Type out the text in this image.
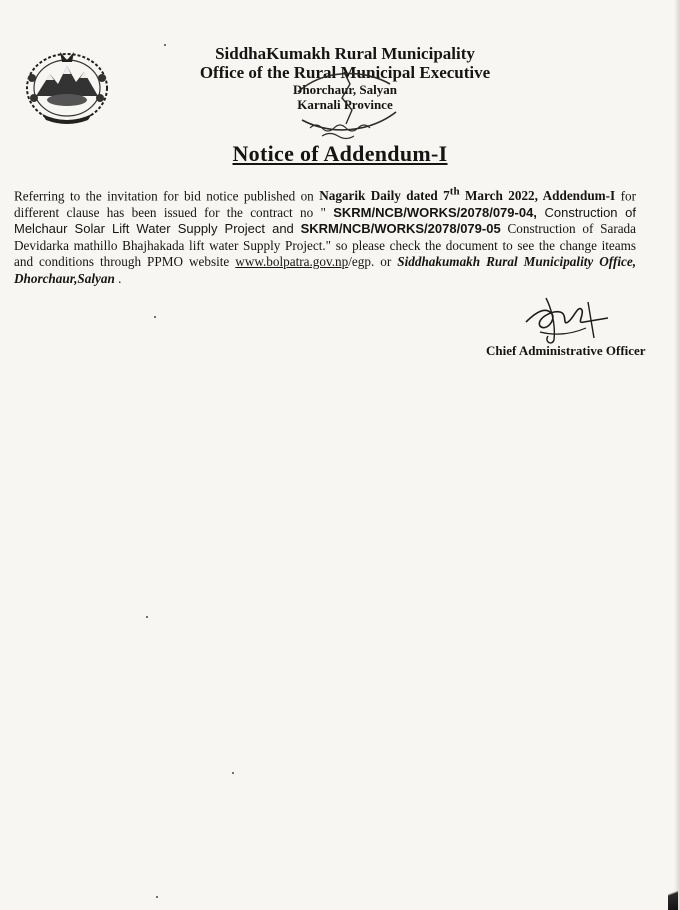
SiddhaKumakh Rural Municipality
Office of the Rural Municipal Executive
Dhorchaur, Salyan
Karnali Province
Notice of Addendum-I
Referring to the invitation for bid notice published on Nagarik Daily dated 7th March 2022, Addendum-I for different clause has been issued for the contract no " SKRM/NCB/WORKS/2078/079-04, Construction of Melchaur Solar Lift Water Supply Project and SKRM/NCB/WORKS/2078/079-05 Construction of Sarada Devidarka mathillo Bhajhakada lift water Supply Project." so please check the document to see the change iteams and conditions through PPMO website www.bolpatra.gov.np/egp. or Siddhakumakh Rural Municipality Office, Dhorchaur,Salyan .
Chief Administrative Officer
